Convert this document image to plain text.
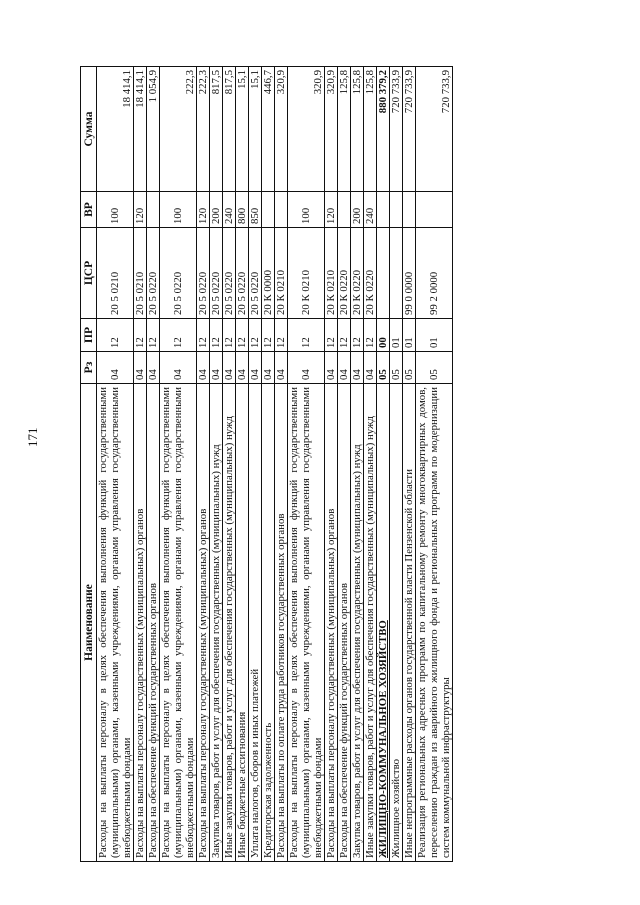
171
Наименование	Рз	ПР	ЦСР	ВР	Сумма
Расходы на выплаты персоналу в целях обеспечения выполнения функций государственными (муниципальными) органами, казенными учреждениями, органами управления государственными внебюджетными фондами	04	12	20 5 0210	100	18 414,1
Расходы на выплаты персоналу государственных (муниципальных) органов	04	12	20 5 0210	120	18 414,1
Расходы на обеспечение функций государственных органов	04	12	20 5 0220		1 054,9
Расходы на выплаты персоналу в целях обеспечения выполнения функций государственными (муниципальными) органами, казенными учреждениями, органами управления государственными внебюджетными фондами	04	12	20 5 0220	100	222,3
Расходы на выплаты персоналу государственных (муниципальных) органов	04	12	20 5 0220	120	222,3
Закупка товаров, работ и услуг для обеспечения государственных (муниципальных) нужд	04	12	20 5 0220	200	817,5
Иные закупки товаров, работ и услуг для обеспечения государственных (муниципальных) нужд	04	12	20 5 0220	240	817,5
Иные бюджетные ассигнования	04	12	20 5 0220	800	15,1
Уплата налогов, сборов и иных платежей	04	12	20 5 0220	850	15,1
Кредиторская задолженность	04	12	20 К 0000		446,7
Расходы на выплаты по оплате труда работников государственных органов	04	12	20 К 0210		320,9
Расходы на выплаты персоналу в целях обеспечения выполнения функций государственными (муниципальными) органами, казенными учреждениями, органами управления государственными внебюджетными фондами	04	12	20 К 0210	100	320,9
Расходы на выплаты персоналу государственных (муниципальных) органов	04	12	20 К 0210	120	320,9
Расходы на обеспечение функций государственных органов	04	12	20 К 0220		125,8
Закупка товаров, работ и услуг для обеспечения государственных (муниципальных) нужд	04	12	20 К 0220	200	125,8
Иные закупки товаров, работ и услуг для обеспечения государственных (муниципальных) нужд	04	12	20 К 0220	240	125,8
ЖИЛИЩНО-КОММУНАЛЬНОЕ ХОЗЯЙСТВО	05	00			880 379,2
Жилищное хозяйство	05	01			720 733,9
Иные непрограммные расходы органов государственной власти Пензенской области	05	01	99 0 0000		720 733,9
Реализация региональных адресных программ по капитальному ремонту многоквартирных домов, переселению граждан из аварийного жилищного фонда и региональных программ по модернизации систем коммунальной инфраструктуры	05	01	99 2 0000		720 733,9
